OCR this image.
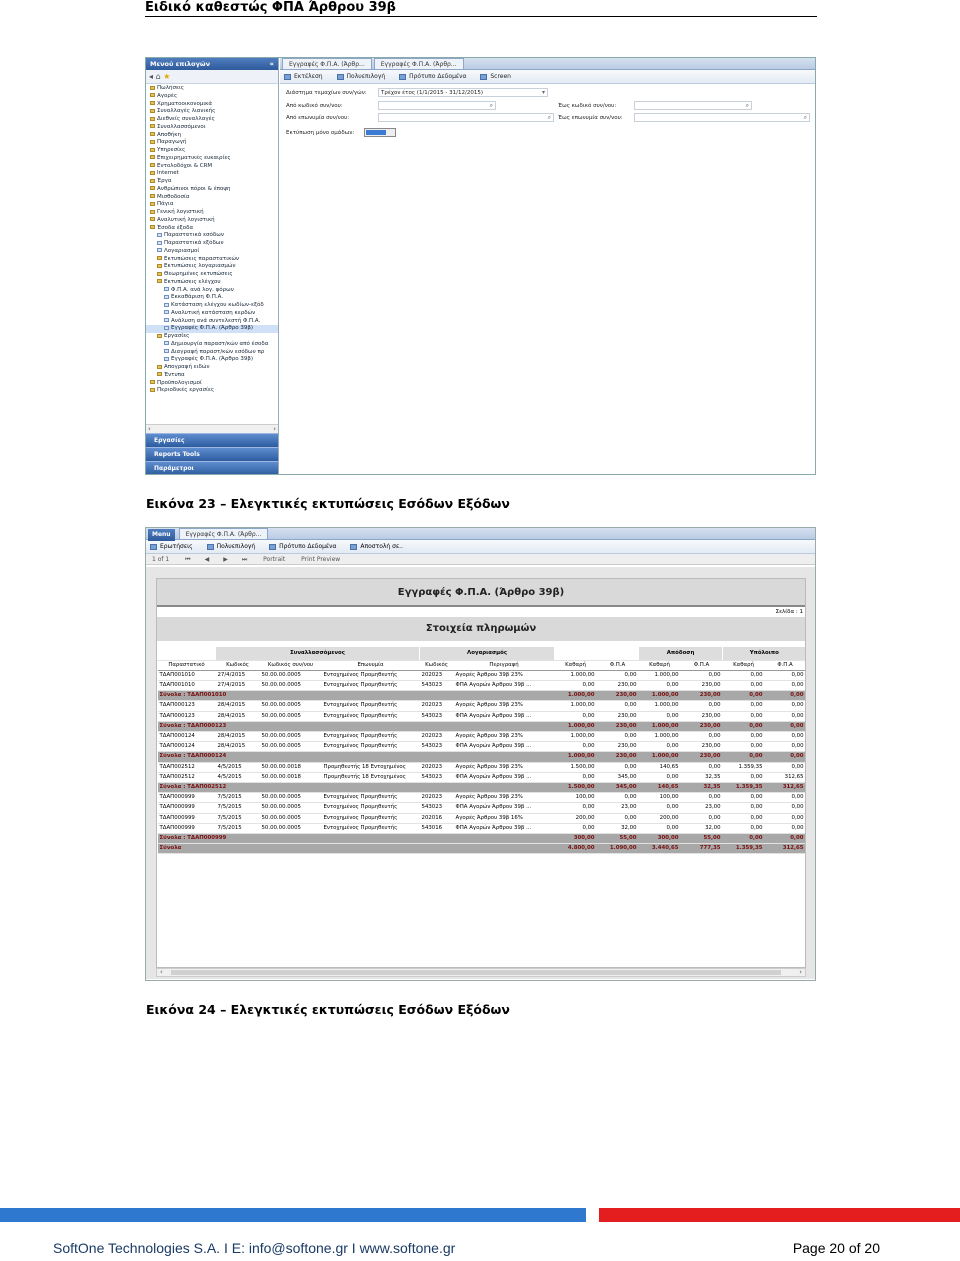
Ειδικό καθεστώς ΦΠΑ Άρθρου 39β
Μενού επιλογών	«
◂ ⌂ ★
Πωλήσεις
Αγορές
Χρηματοοικονομικά
Συναλλαγές λιανικής
Διεθνείς συναλλαγές
Συναλλασσόμενοι
Αποθήκη
Παραγωγή
Υπηρεσίες
Επιχειρηματικές ευκαιρίες
Εντολοδόχοι & CRM
Internet
Έργα
Ανθρώπινοι πόροι & έποψη
Μισθοδοσία
Πάγια
Γενική λογιστική
Αναλυτική λογιστική
Έσοδα έξοδα
Παραστατικά εσόδων
Παραστατικά εξόδων
Λογαριασμοί
Εκτυπώσεις παραστατικών
Εκτυπώσεις λογαριασμών
Θεωρημένες εκτυπώσεις
Εκτυπώσεις ελέγχου
Φ.Π.Α. ανά λογ. φόρων
Εκκαθάριση Φ.Π.Α.
Κατάσταση ελέγχου κωδίων-εξόδ
Αναλυτική κατάσταση κερδών
Ανάλυση ανά συντελεστή Φ.Π.Α.
Εγγραφές Φ.Π.Α. (Άρθρο 39β)
Εργασίες
Δημιουργία παραστ/κών από έσοδα
Διαγραφή παραστ/κών εσόδων πρ
Εγγραφές Φ.Π.Α. (Άρθρο 39β)
Απογραφή ειδών
Έντυπα
Προϋπολογισμοί
Περιοδικές εργασίες
‹	›
Εργασίες
Reports Tools
Παράμετροι
Εγγραφές Φ.Π.Α. (Άρθρ...	Εγγραφές Φ.Π.Α. (Άρθρ...
Εκτέλεση	Πολυεπιλογή	Πρότυπο Δεδομένα	Screen
Διάστημα τεμαχίων συν/γών:	Τρέχον έτος (1/1/2015 - 31/12/2015)	▾
Από κωδικό συν/νου:	⌕	Έως κωδικό συν/νου:	⌕
Από επωνυμία συν/νου:	⌕ Έως επωνυμία συν/νου:	⌕
Εκτύπωση μόνο ομάδων:
Εικόνα 23 – Ελεγκτικές εκτυπώσεις Εσόδων Εξόδων
Menu	Εγγραφές Φ.Π.Α. (Άρθρ...
Ερωτήσεις	Πολυεπιλογή	Πρότυπο Δεδομένα	Αποστολή σε..
1 of 1	⏮ ◀ ▶ ⏭	Portrait	Print Preview
Εγγραφές Φ.Π.Α. (Άρθρο 39β)
Σελίδα : 1
Στοιχεία πληρωμών
	Συναλλασσόμενος			Λογαριασμός				Απόδοση		Υπόλοιπο	
Παραστατικό	Κωδικός	Κωδικός συν/νου	Επωνυμία	Κωδικός	Περιγραφή	Καθαρή	Φ.Π.Α	Καθαρή	Φ.Π.Α	Καθαρή	Φ.Π.Α
ΤΔΑΠ001010	27/4/2015	50.00.00.0005	Εντοχημένος Προμηθευτής	202023	Αγορές Άρθρου 39β 23%	1.000,00	0,00	1.000,00	0,00	0,00	0,00
ΤΔΑΠ001010	27/4/2015	50.00.00.0005	Εντοχημένος Προμηθευτής	543023	ΦΠΑ Αγορών Άρθρου 39β ...	0,00	230,00	0,00	230,00	0,00	0,00
Σύνολα : ΤΔΑΠ001010						1.000,00	230,00	1.000,00	230,00	0,00	0,00
ΤΔΑΠ000123	28/4/2015	50.00.00.0005	Εντοχημένος Προμηθευτής	202023	Αγορές Άρθρου 39β 23%	1.000,00	0,00	1.000,00	0,00	0,00	0,00
ΤΔΑΠ000123	28/4/2015	50.00.00.0005	Εντοχημένος Προμηθευτής	543023	ΦΠΑ Αγορών Άρθρου 39β ...	0,00	230,00	0,00	230,00	0,00	0,00
Σύνολα : ΤΔΑΠ000123						1.000,00	230,00	1.000,00	230,00	0,00	0,00
ΤΔΑΠ000124	28/4/2015	50.00.00.0005	Εντοχημένος Προμηθευτής	202023	Αγορές Άρθρου 39β 23%	1.000,00	0,00	1.000,00	0,00	0,00	0,00
ΤΔΑΠ000124	28/4/2015	50.00.00.0005	Εντοχημένος Προμηθευτής	543023	ΦΠΑ Αγορών Άρθρου 39β ...	0,00	230,00	0,00	230,00	0,00	0,00
Σύνολα : ΤΔΑΠ000124						1.000,00	230,00	1.000,00	230,00	0,00	0,00
ΤΔΑΠ002512	4/5/2015	50.00.00.0018	Προμηθευτής 18 Εντοχημένος	202023	Αγορές Άρθρου 39β 23%	1.500,00	0,00	140,65	0,00	1.359,35	0,00
ΤΔΑΠ002512	4/5/2015	50.00.00.0018	Προμηθευτής 18 Εντοχημένος	543023	ΦΠΑ Αγορών Άρθρου 39β ...	0,00	345,00	0,00	32,35	0,00	312,65
Σύνολα : ΤΔΑΠ002512						1.500,00	345,00	140,65	32,35	1.359,35	312,65
ΤΔΑΠ000999	7/5/2015	50.00.00.0005	Εντοχημένος Προμηθευτής	202023	Αγορές Άρθρου 39β 23%	100,00	0,00	100,00	0,00	0,00	0,00
ΤΔΑΠ000999	7/5/2015	50.00.00.0005	Εντοχημένος Προμηθευτής	543023	ΦΠΑ Αγορών Άρθρου 39β ...	0,00	23,00	0,00	23,00	0,00	0,00
ΤΔΑΠ000999	7/5/2015	50.00.00.0005	Εντοχημένος Προμηθευτής	202016	Αγορές Άρθρου 39β 16%	200,00	0,00	200,00	0,00	0,00	0,00
ΤΔΑΠ000999	7/5/2015	50.00.00.0005	Εντοχημένος Προμηθευτής	543016	ΦΠΑ Αγορών Άρθρου 39β ...	0,00	32,00	0,00	32,00	0,00	0,00
Σύνολα : ΤΔΑΠ000999						300,00	55,00	300,00	55,00	0,00	0,00
Σύνολα						4.800,00	1.090,00	3.440,65	777,35	1.359,35	312,65
‹	›
Εικόνα 24 – Ελεγκτικές εκτυπώσεις Εσόδων Εξόδων
SoftOne Technologies S.A. I E: info@softone.gr I www.softone.gr	Page 20 of 20
